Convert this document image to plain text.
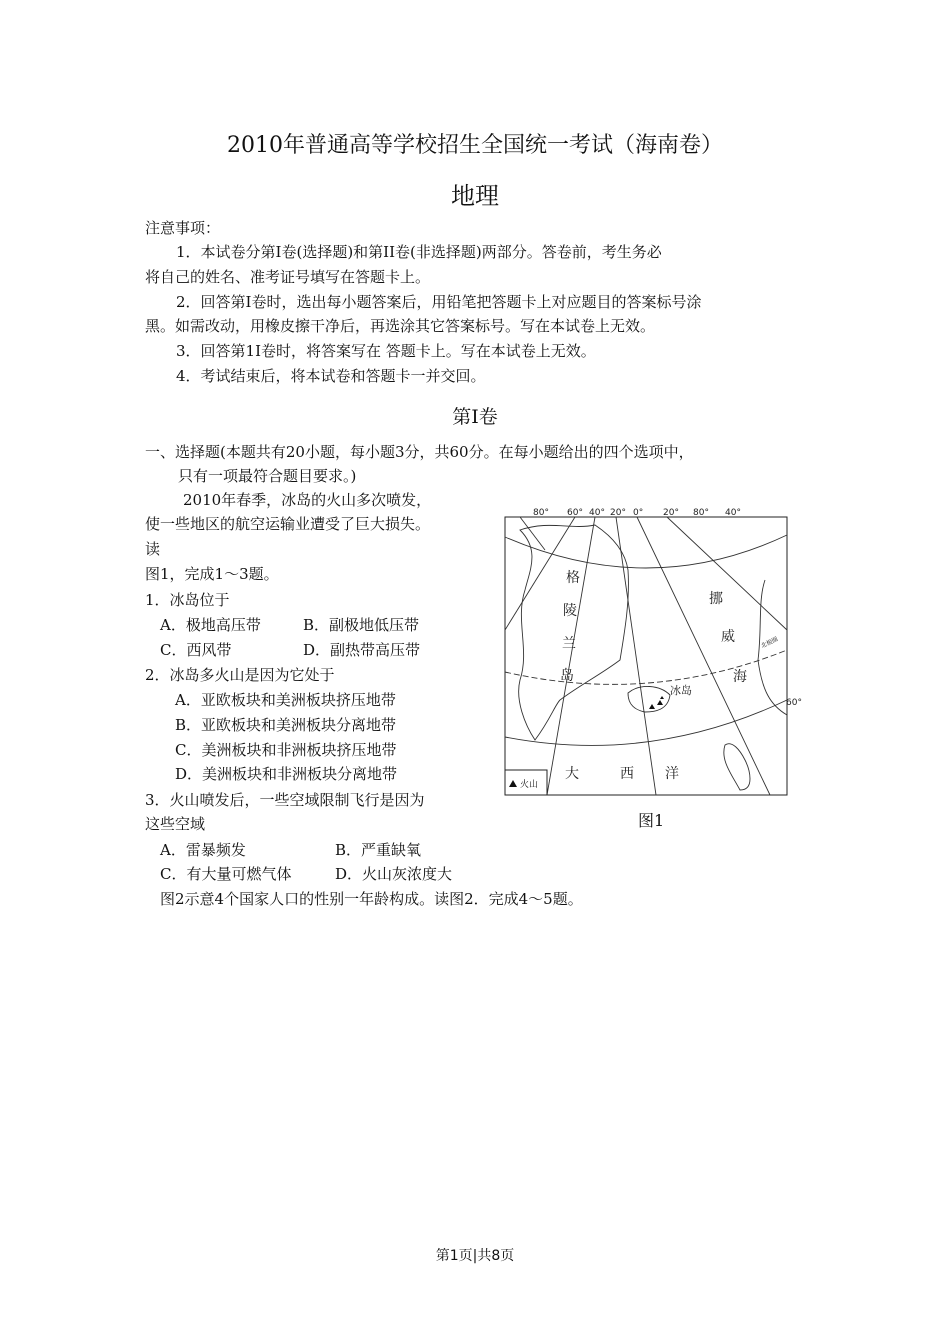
2010年普通高等学校招生全国统一考试（海南卷）
地理
注意事项：
1．本试卷分第I卷(选择题)和第II卷(非选择题)两部分。答卷前，考生务必
将自己的姓名、准考证号填写在答题卡上。
2．回答第I卷时，选出每小题答案后，用铅笔把答题卡上对应题目的答案标号涂
黑。如需改动，用橡皮擦干净后，再选涂其它答案标号。写在本试卷上无效。
3．回答第1I卷时，将答案写在 答题卡上。写在本试卷上无效。
4．考试结束后，将本试卷和答题卡一并交回。
第I卷
一、选择题(本题共有20小题，每小题3分，共60分。在每小题给出的四个选项中，
只有一项最符合题目要求。)
2010年春季，冰岛的火山多次喷发，
使一些地区的航空运输业遭受了巨大损失。
读
图1，完成1～3题。
1．冰岛位于
A．极地高压带	B．副极地低压带
C．西风带	D．副热带高压带
2．冰岛多火山是因为它处于
A．亚欧板块和美洲板块挤压地带
B．亚欧板块和美洲板块分离地带
C．美洲板块和非洲板块挤压地带
D．美洲板块和非洲板块分离地带
3．火山喷发后，一些空域限制飞行是因为
这些空域
A．雷暴频发	B．严重缺氧
C．有大量可燃气体	D．火山灰浓度大
图2示意4个国家人口的性别一年龄构成。读图2．完成4～5题。
80° 60° 40° 20° 0° 20° 80° 40°
60°
格
陵
兰
岛
挪
威
海
大	西 洋
冰岛
北极圈
火山
图1
第1页|共8页
